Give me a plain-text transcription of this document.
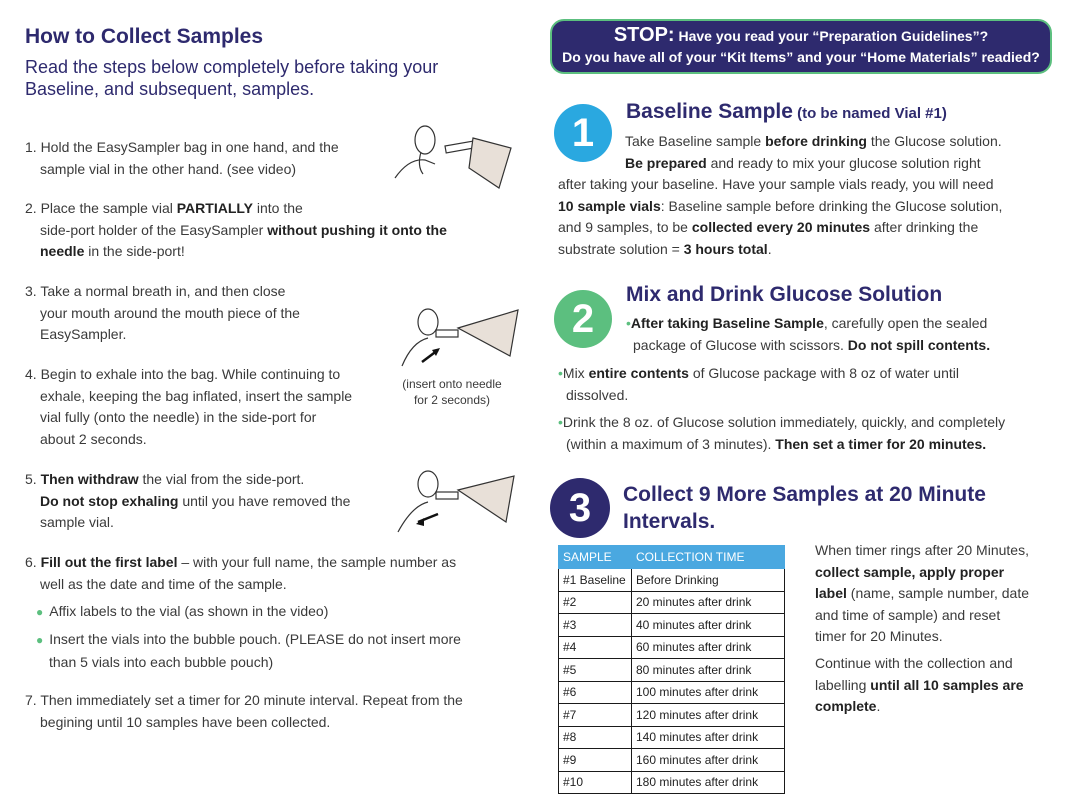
How to Collect Samples
Read the steps below completely before taking your Baseline, and subsequent, samples.
1. Hold the EasySampler bag in one hand, and the
sample vial in the other hand. (see video)
2. Place the sample vial PARTIALLY into the
side-port holder of the EasySampler without pushing it onto the
needle in the side-port!
3. Take a normal breath in, and then close
your mouth around the mouth piece of the
EasySampler.
(insert onto needle
for 2 seconds)
4. Begin to exhale into the bag. While continuing to
exhale, keeping the bag inflated, insert the sample
vial fully (onto the needle) in the side-port for
about 2 seconds.
5. Then withdraw the vial from the side-port.
Do not stop exhaling until you have removed the
sample vial.
6. Fill out the first label – with your full name, the sample number as
well as the date and time of the sample.
● Affix labels to the vial (as shown in the video)
● Insert the vials into the bubble pouch. (PLEASE do not insert more
than 5 vials into each bubble pouch)
7. Then immediately set a timer for 20 minute interval. Repeat from the
begining until 10 samples have been collected.
STOP: Have you read your “Preparation Guidelines”?
Do you have all of your “Kit Items” and your “Home Materials” readied?
1	Baseline Sample (to be named Vial #1)
Take Baseline sample before drinking the Glucose solution.
Be prepared and ready to mix your glucose solution right
after taking your baseline. Have your sample vials ready, you will need
10 sample vials: Baseline sample before drinking the Glucose solution,
and 9 samples, to be collected every 20 minutes after drinking the
substrate solution = 3 hours total.
2
Mix and Drink Glucose Solution
•After taking Baseline Sample, carefully open the sealed
package of Glucose with scissors. Do not spill contents.
•Mix entire contents of Glucose package with 8 oz of water until
dissolved.
•Drink the 8 oz. of Glucose solution immediately, quickly, and completely
(within a maximum of 3 minutes). Then set a timer for 20 minutes.
3	Collect 9 More Samples at 20 Minute
Intervals.
SAMPLE	COLLECTION TIME
#1 Baseline	Before Drinking
#2	20 minutes after drink
#3	40 minutes after drink
#4	60 minutes after drink
#5	80 minutes after drink
#6	100 minutes after drink
#7	120 minutes after drink
#8	140 minutes after drink
#9	160 minutes after drink
#10	180 minutes after drink
When timer rings after 20 Minutes,
collect sample, apply proper
label (name, sample number, date
and time of sample) and reset
timer for 20 Minutes.
Continue with the collection and
labelling until all 10 samples are
complete.
